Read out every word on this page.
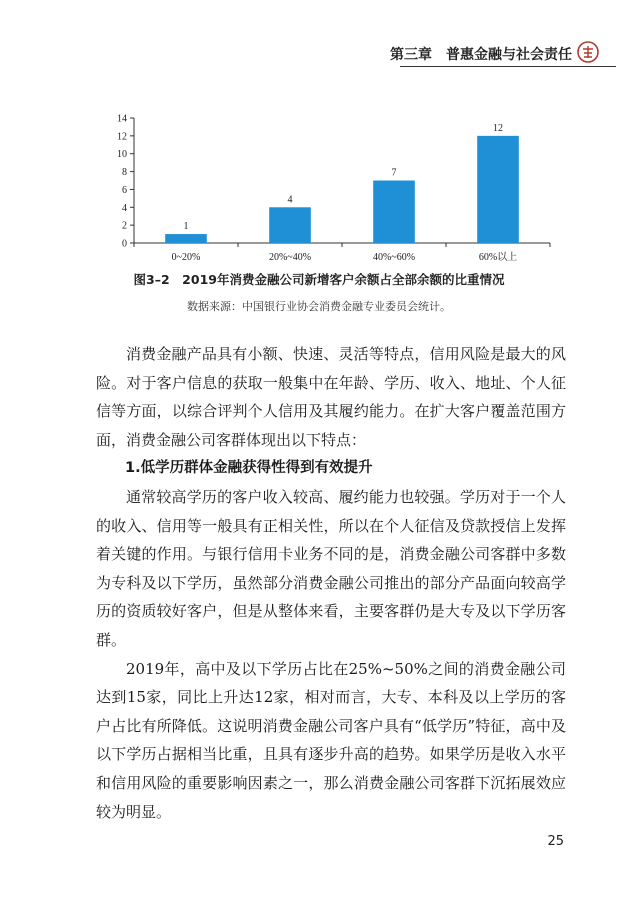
第三章　普惠金融与社会责任
0
2
4
6
8
10
12
14
1
0~20%
4
20%~40%
7
40%~60%
12
60%以上
图3–2　2019年消费金融公司新增客户余额占全部余额的比重情况
数据来源：中国银行业协会消费金融专业委员会统计。

消费金融产品具有小额、快速、灵活等特点，信用风险是最大的风险。对于客户信息的获取一般集中在年龄、学历、收入、地址、个人征信等方面，以综合评判个人信用及其履约能力。在扩大客户覆盖范围方面，消费金融公司客群体现出以下特点：

1.低学历群体金融获得性得到有效提升

通常较高学历的客户收入较高、履约能力也较强。学历对于一个人的收入、信用等一般具有正相关性，所以在个人征信及贷款授信上发挥着关键的作用。与银行信用卡业务不同的是，消费金融公司客群中多数为专科及以下学历，虽然部分消费金融公司推出的部分产品面向较高学历的资质较好客户，但是从整体来看，主要客群仍是大专及以下学历客群。

2019年，高中及以下学历占比在25%~50%之间的消费金融公司达到15家，同比上升达12家，相对而言，大专、本科及以上学历的客户占比有所降低。这说明消费金融公司客户具有“低学历”特征，高中及以下学历占据相当比重，且具有逐步升高的趋势。如果学历是收入水平和信用风险的重要影响因素之一，那么消费金融公司客群下沉拓展效应较为明显。

25
